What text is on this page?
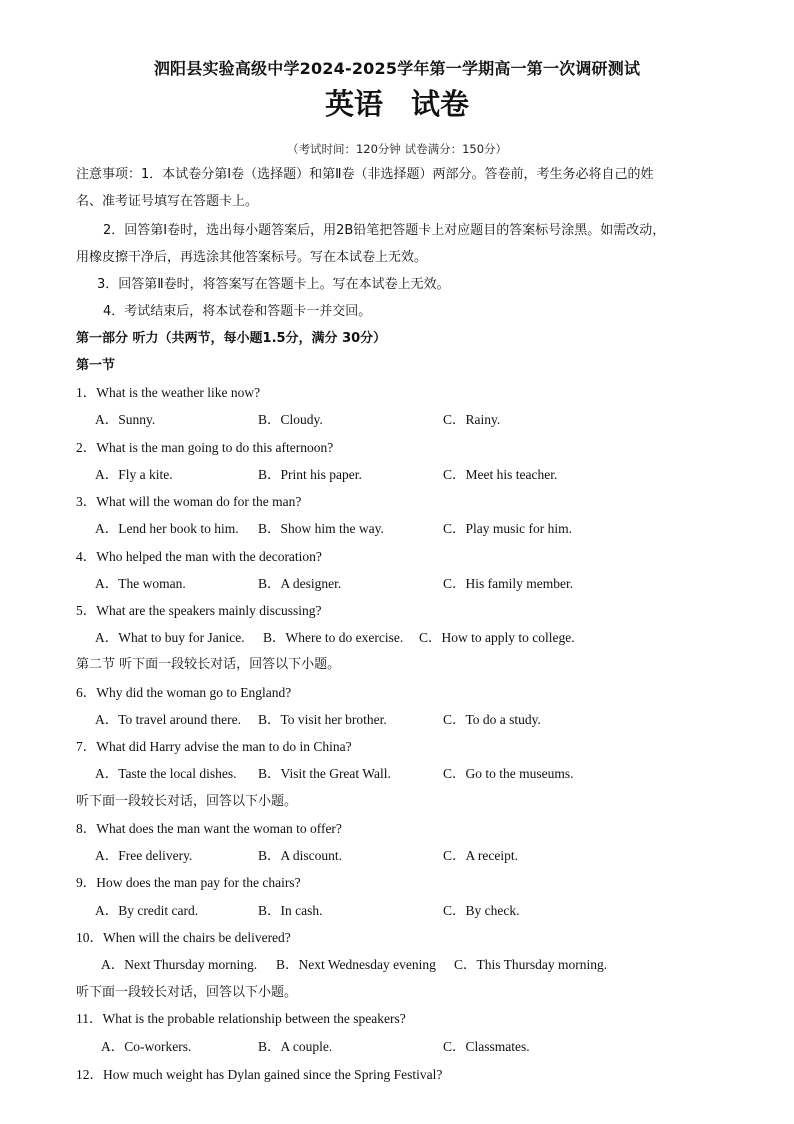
泗阳县实验高级中学2024-2025学年第一学期高一第一次调研测试
英语 试卷
（考试时间：120分钟 试卷满分：150分）
注意事项：1．本试卷分第Ⅰ卷（选择题）和第Ⅱ卷（非选择题）两部分。答卷前，考生务必将自己的姓
名、准考证号填写在答题卡上。
2．回答第Ⅰ卷时，选出每小题答案后，用2B铅笔把答题卡上对应题目的答案标号涂黑。如需改动，
用橡皮擦干净后，再选涂其他答案标号。写在本试卷上无效。
3．回答第Ⅱ卷时，将答案写在答题卡上。写在本试卷上无效。
4．考试结束后，将本试卷和答题卡一并交回。
第一部分 听力（共两节，每小题1.5分，满分 30分）
第一节
1．What is the weather like now?
A．Sunny.	B．Cloudy.	C．Rainy.
2．What is the man going to do this afternoon?
A．Fly a kite.	B．Print his paper.	C．Meet his teacher.
3．What will the woman do for the man?
A．Lend her book to him. B．Show him the way.	C．Play music for him.
4．Who helped the man with the decoration?
A．The woman.	B．A designer.	C．His family member.
5．What are the speakers mainly discussing?
A．What to buy for Janice. B．Where to do exercise. C．How to apply to college.
第二节 听下面一段较长对话，回答以下小题。
6．Why did the woman go to England?
A．To travel around there. B．To visit her brother.	C．To do a study.
7．What did Harry advise the man to do in China?
A．Taste the local dishes. B．Visit the Great Wall.	C．Go to the museums.
听下面一段较长对话，回答以下小题。
8．What does the man want the woman to offer?
A．Free delivery.	B．A discount.	C．A receipt.
9．How does the man pay for the chairs?
A．By credit card.	B．In cash.	C．By check.
10．When will the chairs be delivered?
A．Next Thursday morning. B．Next Wednesday evening C．This Thursday morning.
听下面一段较长对话，回答以下小题。
11．What is the probable relationship between the speakers?
A．Co-workers.	B．A couple.	C．Classmates.
12．How much weight has Dylan gained since the Spring Festival?
